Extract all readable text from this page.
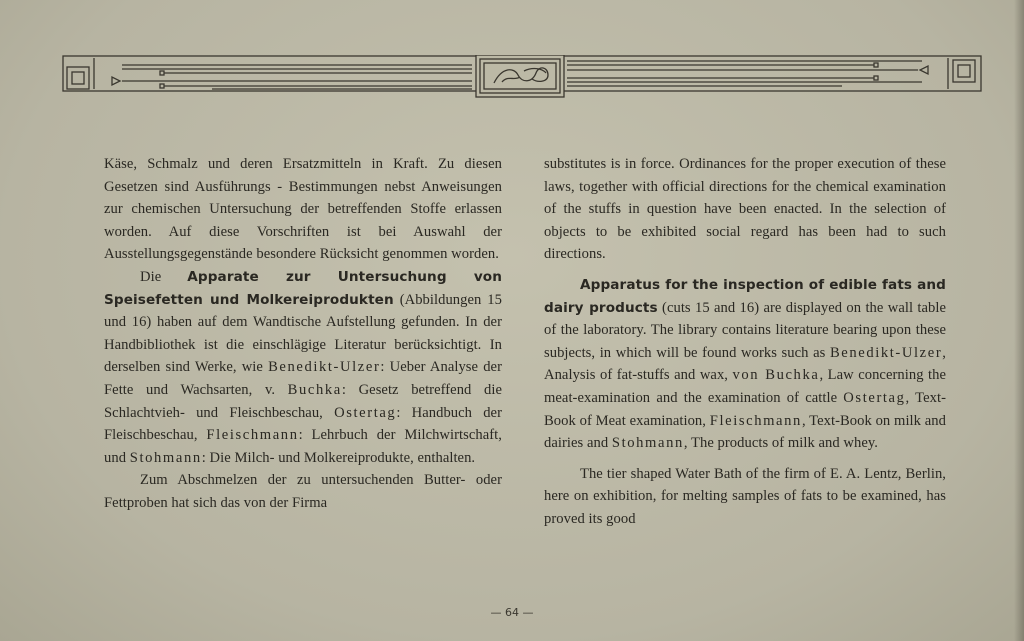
Käse, Schmalz und deren Ersatzmitteln in Kraft. Zu diesen Gesetzen sind Ausführungs - Bestimmungen nebst Anweisungen zur chemischen Untersuchung der betreffenden Stoffe erlassen worden. Auf diese Vorschriften ist bei Auswahl der Ausstellungsgegenstände besondere Rücksicht genommen worden.

Die Apparate zur Untersuchung von Speisefetten und Molkereiprodukten (Abbildungen 15 und 16) haben auf dem Wandtische Aufstellung gefunden. In der Handbibliothek ist die einschlägige Literatur berücksichtigt. In derselben sind Werke, wie Benedikt-Ulzer: Ueber Analyse der Fette und Wachsarten, v. Buchka: Gesetz betreffend die Schlachtvieh- und Fleischbeschau, Ostertag: Handbuch der Fleischbeschau, Fleischmann: Lehrbuch der Milchwirtschaft, und Stohmann: Die Milch- und Molkereiprodukte, enthalten.

Zum Abschmelzen der zu untersuchenden Butter- oder Fettproben hat sich das von der Firma

substitutes is in force. Ordinances for the proper execution of these laws, together with official directions for the chemical examination of the stuffs in question have been enacted. In the selection of objects to be exhibited social regard has been had to such directions.

Apparatus for the inspection of edible fats and dairy products (cuts 15 and 16) are displayed on the wall table of the laboratory. The library contains literature bearing upon these subjects, in which will be found works such as Benedikt-Ulzer, Analysis of fat-stuffs and wax, von Buchka, Law concerning the meat-examination and the examination of cattle Ostertag, Text-Book of Meat examination, Fleischmann, Text-Book on milk and dairies and Stohmann, The products of milk and whey.

The tier shaped Water Bath of the firm of E. A. Lentz, Berlin, here on exhibition, for melting samples of fats to be examined, has proved its good

— 64 —
